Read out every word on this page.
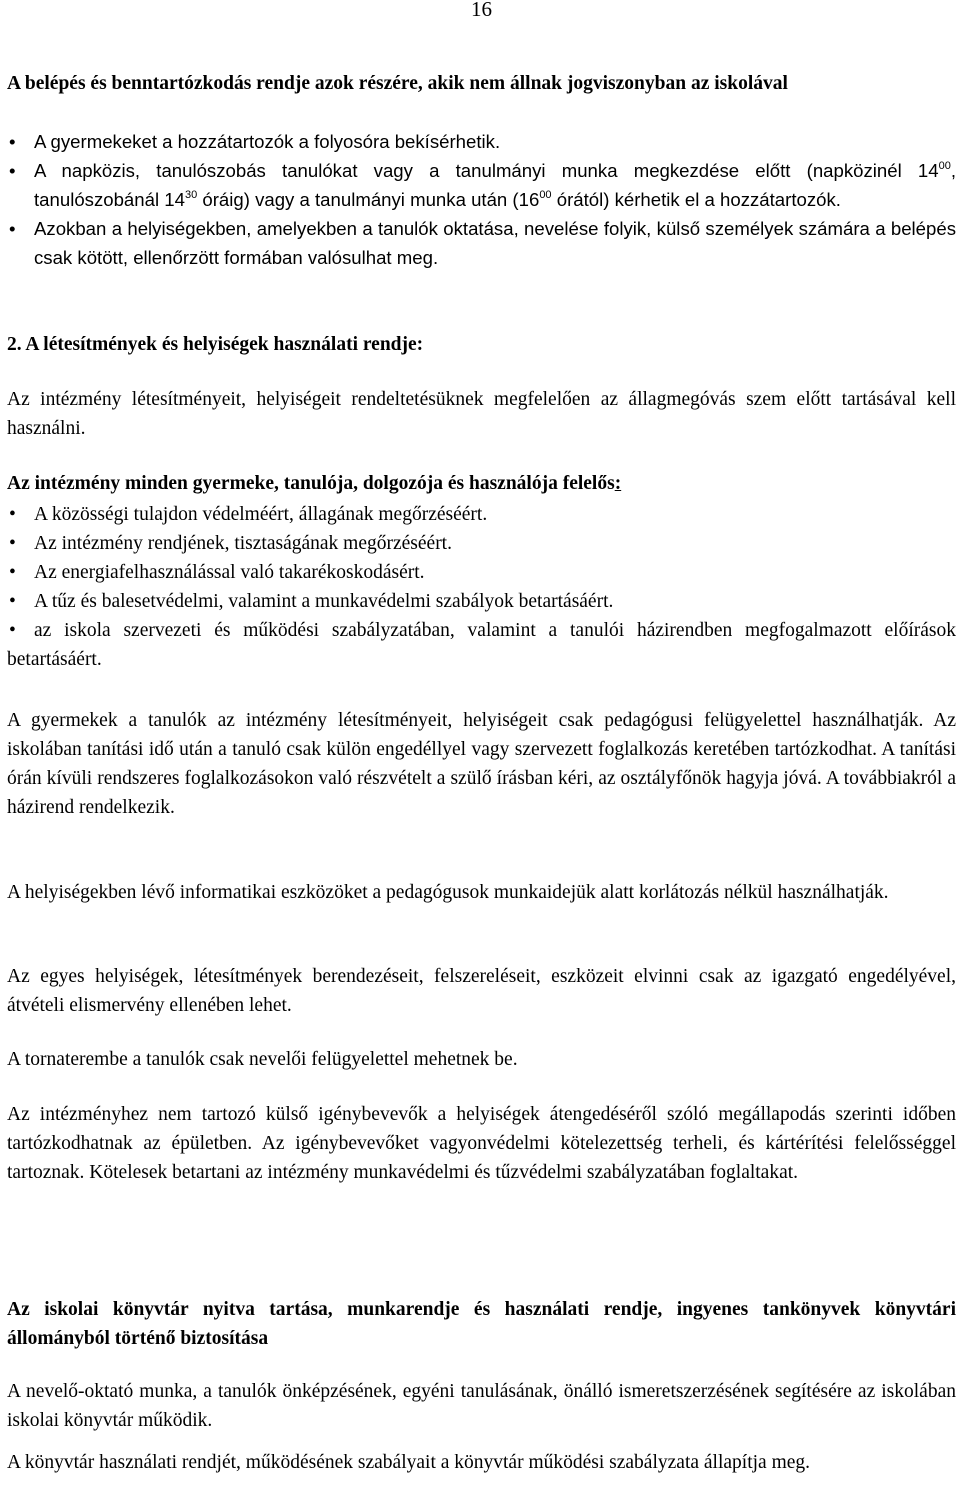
16
A belépés és benntartózkodás rendje azok részére, akik nem állnak jogviszonyban az iskolával
• A gyermekeket a hozzátartozók a folyosóra bekísérhetik.
• A napközis, tanulószobás tanulókat vagy a tanulmányi munka megkezdése előtt (napközinél $14^{00}$, tanulószobánál $14^{30}$ óráig) vagy a tanulmányi munka után ($16^{00}$ órától) kérhetik el a hozzátartozók.
• Azokban a helyiségekben, amelyekben a tanulók oktatása, nevelése folyik, külső személyek számára a belépés csak kötött, ellenőrzött formában valósulhat meg.
2. A létesítmények és helyiségek használati rendje:
Az intézmény létesítményeit, helyiségeit rendeltetésüknek megfelelően az állagmegóvás szem előtt tartásával kell használni.
Az intézmény minden gyermeke, tanulója, dolgozója és használója felelős:
• A közösségi tulajdon védelméért, állagának megőrzéséért.
• Az intézmény rendjének, tisztaságának megőrzéséért.
• Az energiafelhasználással való takarékoskodásért.
• A tűz és balesetvédelmi, valamint a munkavédelmi szabályok betartásáért.
• az iskola szervezeti és működési szabályzatában, valamint a tanulói házirendben megfogalmazott előírások betartásáért.
A gyermekek a tanulók az intézmény létesítményeit, helyiségeit csak pedagógusi felügyelettel használhatják. Az iskolában tanítási idő után a tanuló csak külön engedéllyel vagy szervezett foglalkozás keretében tartózkodhat. A tanítási órán kívüli rendszeres foglalkozásokon való részvételt a szülő írásban kéri, az osztályfőnök hagyja jóvá. A továbbiakról a házirend rendelkezik.
A helyiségekben lévő informatikai eszközöket a pedagógusok munkaidejük alatt korlátozás nélkül használhatják.
Az egyes helyiségek, létesítmények berendezéseit, felszereléseit, eszközeit elvinni csak az igazgató engedélyével, átvételi elismervény ellenében lehet.
A tornaterembe a tanulók csak nevelői felügyelettel mehetnek be.
Az intézményhez nem tartozó külső igénybevevők a helyiségek átengedéséről szóló megállapodás szerinti időben tartózkodhatnak az épületben. Az igénybevevőket vagyonvédelmi kötelezettség terheli, és kártérítési felelősséggel tartoznak. Kötelesek betartani az intézmény munkavédelmi és tűzvédelmi szabályzatában foglaltakat.
Az iskolai könyvtár nyitva tartása, munkarendje és használati rendje, ingyenes tankönyvek könyvtári állományból történő biztosítása
A nevelő-oktató munka, a tanulók önképzésének, egyéni tanulásának, önálló ismeretszerzésének segítésére az iskolában iskolai könyvtár működik.
A könyvtár használati rendjét, működésének szabályait a könyvtár működési szabályzata állapítja meg.
